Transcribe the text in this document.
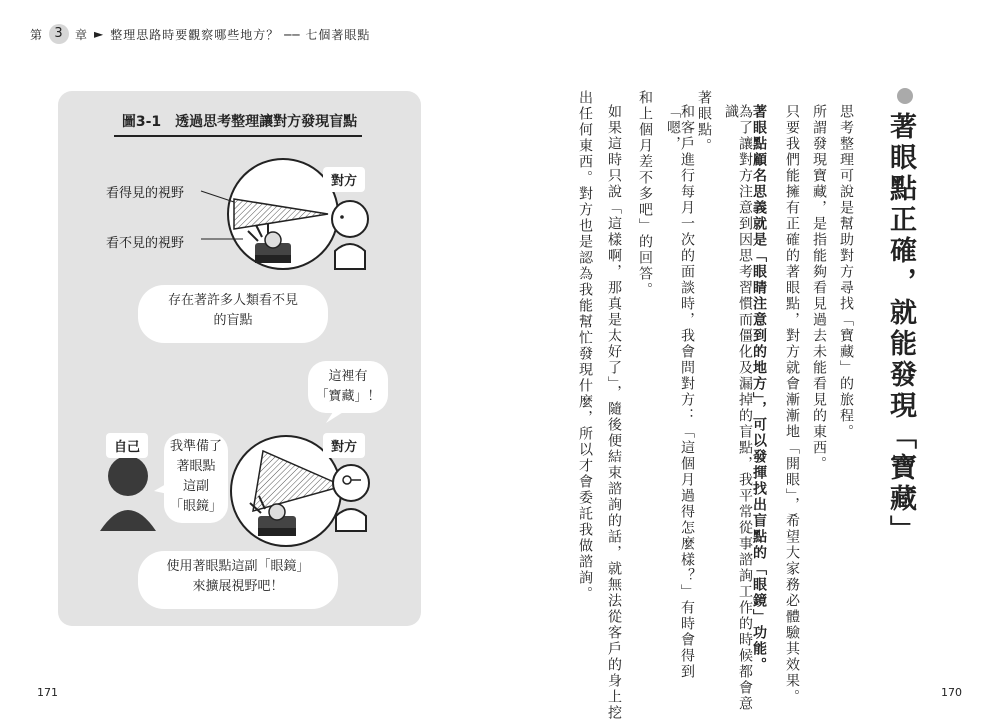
第 3 章 ► 整理思路時要觀察哪些地方？ ── 七個著眼點
圖3-1　透過思考整理讓對方發現盲點
看得見的視野
看不見的視野
對方
存在著許多人類看不見
的盲點
這裡有
「寶藏」！
自己	對方
我準備了
著眼點
這副
「眼鏡」
使用著眼點這副「眼鏡」
來擴展視野吧！
著眼點正確，就能發現「寶藏」
思考整理可說是幫助對方尋找「寶藏」的旅程。
所謂發現寶藏，是指能夠看見過去未能看見的東西。
只要我們能擁有正確的著眼點，對方就會漸漸地「開眼」，希望大家務必體驗其效果。
著眼點顧名思義就是「眼睛注意到的地方」，可以發揮找出盲點的「眼鏡」功能。
為了讓對方注意到因思考習慣而僵化及漏掉的盲點，我平常從事諮詢工作的時候都會意識
著眼點。
和客戶進行每月一次的面談時，我會問對方：「這個月過得怎麼樣？」有時會得到「嗯，
和上個月差不多吧」的回答。
如果這時只說「這樣啊，那真是太好了」，隨後便結束諮詢的話，就無法從客戶的身上挖
出任何東西。對方也是認為我能幫忙發現什麼，所以才會委託我做諮詢。
171	170
